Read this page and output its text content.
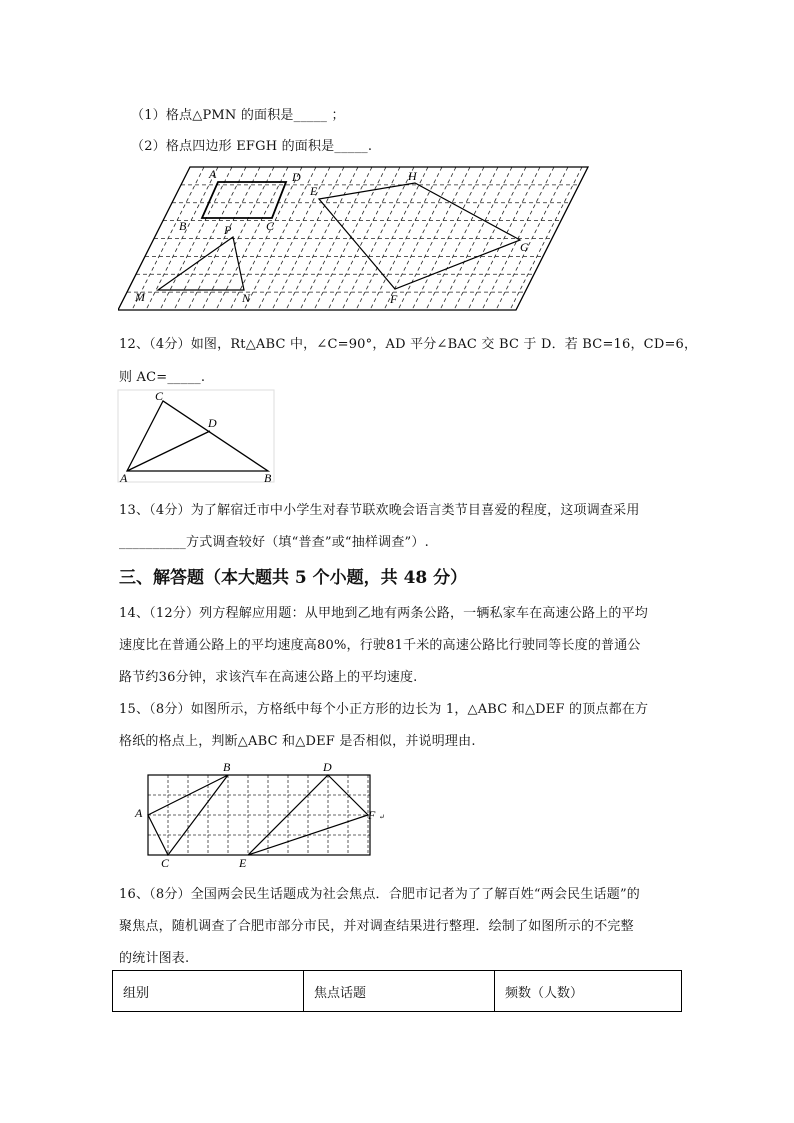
（1）格点△PMN 的面积是_____ ；
（2）格点四边形 EFGH 的面积是_____.
A
B	C
D
P
M	N
E
F
G
H
12、（4分）如图，Rt△ABC 中，∠C=90°，AD 平分∠BAC 交 BC 于 D．若 BC=16，CD=6，
则 AC=_____.
C
D
A	B
13、（4分）为了解宿迁市中小学生对春节联欢晚会语言类节目喜爱的程度，这项调查采用
__________方式调查较好（填“普查”或“抽样调查”）.
三、解答题（本大题共 5 个小题，共 48 分）
14、（12分）列方程解应用题：从甲地到乙地有两条公路，一辆私家车在高速公路上的平均
速度比在普通公路上的平均速度高80%，行驶81千米的高速公路比行驶同等长度的普通公
路节约36分钟，求该汽车在高速公路上的平均速度.
15、（8分）如图所示，方格纸中每个小正方形的边长为 1，△ABC 和△DEF 的顶点都在方
格纸的格点上，判断△ABC 和△DEF 是否相似，并说明理由.
A
B
C
D
E
F ↵
16、（8分）全国两会民生话题成为社会焦点．合肥市记者为了了解百姓“两会民生话题”的
聚焦点，随机调查了合肥市部分市民，并对调查结果进行整理．绘制了如图所示的不完整
的统计图表.
组别	焦点话题	频数（人数）
